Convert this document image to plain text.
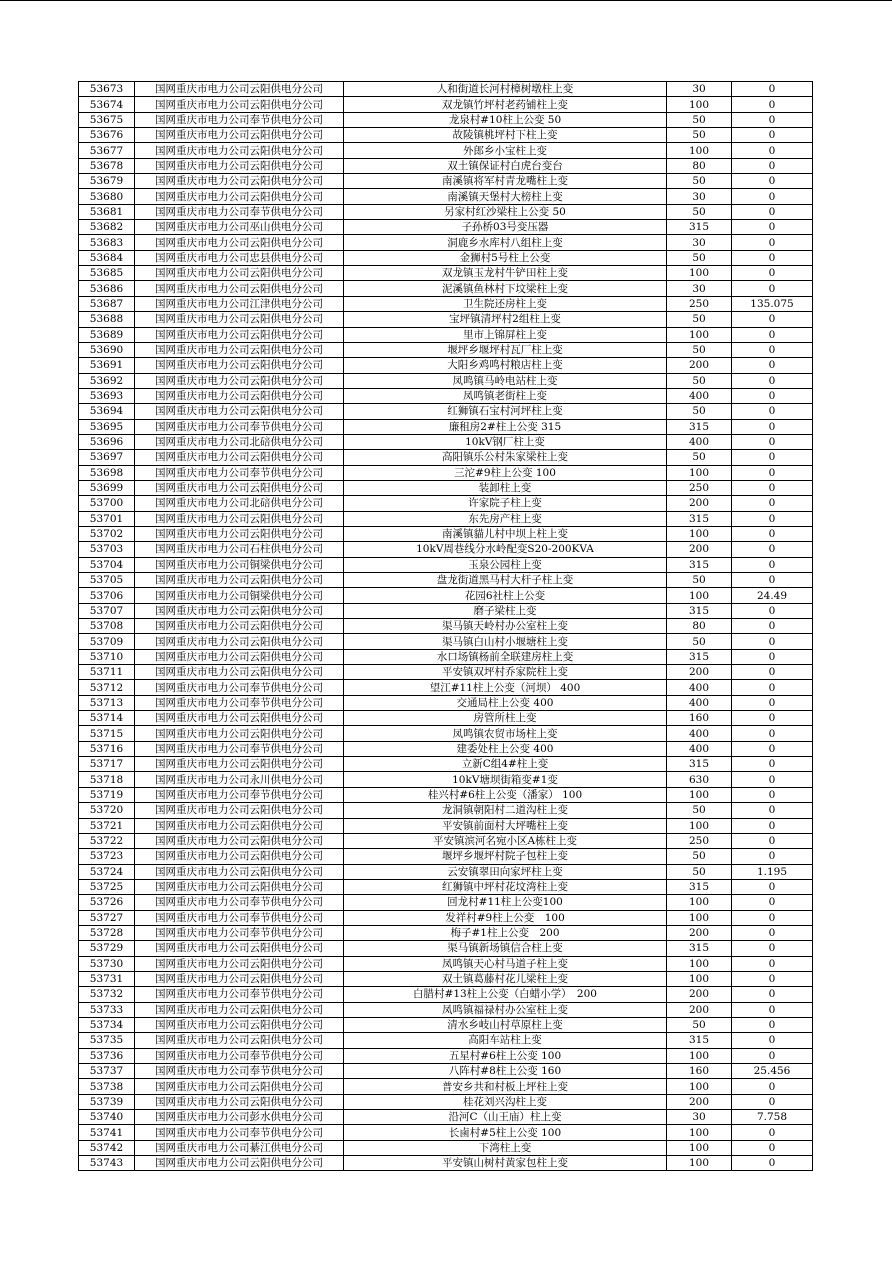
53673	国网重庆市电力公司云阳供电分公司	人和街道长河村樟树墩柱上变	30	0
53674	国网重庆市电力公司云阳供电分公司	双龙镇竹坪村老药铺柱上变	100	0
53675	国网重庆市电力公司奉节供电分公司	龙泉村#10柱上公变 50	50	0
53676	国网重庆市电力公司云阳供电分公司	故陵镇桃坪村下柱上变	50	0
53677	国网重庆市电力公司云阳供电分公司	外郎乡小宝柱上变	100	0
53678	国网重庆市电力公司云阳供电分公司	双土镇保证村白虎台变台	80	0
53679	国网重庆市电力公司云阳供电分公司	南溪镇将军村青龙嘴柱上变	50	0
53680	国网重庆市电力公司云阳供电分公司	南溪镇天堡村大榜柱上变	30	0
53681	国网重庆市电力公司奉节供电分公司	另家村红沙梁柱上公变 50	50	0
53682	国网重庆市电力公司巫山供电分公司	子孙桥03号变压器	315	0
53683	国网重庆市电力公司云阳供电分公司	洞鹿乡水库村八组柱上变	30	0
53684	国网重庆市电力公司忠县供电分公司	金狮村5号柱上公变	50	0
53685	国网重庆市电力公司云阳供电分公司	双龙镇玉龙村牛铲田柱上变	100	0
53686	国网重庆市电力公司云阳供电分公司	泥溪镇鱼林村下坟梁柱上变	30	0
53687	国网重庆市电力公司江津供电分公司	卫生院还房柱上变	250	135.075
53688	国网重庆市电力公司云阳供电分公司	宝坪镇清坪村2组柱上变	50	0
53689	国网重庆市电力公司云阳供电分公司	里市上锦屏柱上变	100	0
53690	国网重庆市电力公司云阳供电分公司	堰坪乡堰坪村瓦厂柱上变	50	0
53691	国网重庆市电力公司云阳供电分公司	大阳乡鸡鸣村粮店柱上变	200	0
53692	国网重庆市电力公司云阳供电分公司	凤鸣镇马岭电站柱上变	50	0
53693	国网重庆市电力公司云阳供电分公司	凤鸣镇老街柱上变	400	0
53694	国网重庆市电力公司云阳供电分公司	红狮镇石宝村河坪柱上变	50	0
53695	国网重庆市电力公司奉节供电分公司	廉租房2#柱上公变 315	315	0
53696	国网重庆市电力公司北碚供电分公司	10kV钢厂柱上变	400	0
53697	国网重庆市电力公司云阳供电分公司	高阳镇乐公村朱家梁柱上变	50	0
53698	国网重庆市电力公司奉节供电分公司	三沱#9柱上公变 100	100	0
53699	国网重庆市电力公司云阳供电分公司	装卸柱上变	250	0
53700	国网重庆市电力公司北碚供电分公司	许家院子柱上变	200	0
53701	国网重庆市电力公司云阳供电分公司	东先房产柱上变	315	0
53702	国网重庆市电力公司云阳供电分公司	南溪镇貓儿村中坝上柱上变	100	0
53703	国网重庆市电力公司石柱供电分公司	10kV周巷线分水岭配变S20-200KVA	200	0
53704	国网重庆市电力公司铜梁供电分公司	玉泉公园柱上变	315	0
53705	国网重庆市电力公司云阳供电分公司	盘龙街道黑马村大杆子柱上变	50	0
53706	国网重庆市电力公司铜梁供电分公司	花园6社柱上公变	100	24.49
53707	国网重庆市电力公司云阳供电分公司	磨子梁柱上变	315	0
53708	国网重庆市电力公司云阳供电分公司	渠马镇天岭村办公室柱上变	80	0
53709	国网重庆市电力公司云阳供电分公司	渠马镇白山村小堰塘柱上变	50	0
53710	国网重庆市电力公司云阳供电分公司	水口场镇杨前全联建房柱上变	315	0
53711	国网重庆市电力公司云阳供电分公司	平安镇双坪村乔家院柱上变	200	0
53712	国网重庆市电力公司奉节供电分公司	望江#11柱上公变（河坝） 400	400	0
53713	国网重庆市电力公司奉节供电分公司	交通局柱上公变 400	400	0
53714	国网重庆市电力公司云阳供电分公司	房管所柱上变	160	0
53715	国网重庆市电力公司云阳供电分公司	凤鸣镇农贸市场柱上变	400	0
53716	国网重庆市电力公司奉节供电分公司	建委处柱上公变 400	400	0
53717	国网重庆市电力公司云阳供电分公司	立新C组4#柱上变	315	0
53718	国网重庆市电力公司永川供电分公司	10kV塘坝街箱变#1变	630	0
53719	国网重庆市电力公司奉节供电分公司	桂兴村#6柱上公变（潘家） 100	100	0
53720	国网重庆市电力公司云阳供电分公司	龙洞镇朝阳村二道沟柱上变	50	0
53721	国网重庆市电力公司云阳供电分公司	平安镇前面村大坪嘴柱上变	100	0
53722	国网重庆市电力公司云阳供电分公司	平安镇滨河名宛小区A栋柱上变	250	0
53723	国网重庆市电力公司云阳供电分公司	堰坪乡堰坪村院子包柱上变	50	0
53724	国网重庆市电力公司云阳供电分公司	云安镇翠田向家坪柱上变	50	1.195
53725	国网重庆市电力公司云阳供电分公司	红狮镇中坪村花坟湾柱上变	315	0
53726	国网重庆市电力公司奉节供电分公司	回龙村#11柱上公变100	100	0
53727	国网重庆市电力公司奉节供电分公司	发祥村#9柱上公变　100	100	0
53728	国网重庆市电力公司奉节供电分公司	梅子#1柱上公变　200	200	0
53729	国网重庆市电力公司云阳供电分公司	渠马镇新场镇信合柱上变	315	0
53730	国网重庆市电力公司云阳供电分公司	凤鸣镇天心村马道子柱上变	100	0
53731	国网重庆市电力公司云阳供电分公司	双土镇葛藤村花儿梁柱上变	100	0
53732	国网重庆市电力公司奉节供电分公司	白腊村#13柱上公变（白蜡小学）　200	200	0
53733	国网重庆市电力公司云阳供电分公司	凤鸣镇福禄村办公室柱上变	200	0
53734	国网重庆市电力公司云阳供电分公司	清水乡岐山村草原柱上变	50	0
53735	国网重庆市电力公司云阳供电分公司	高阳车站柱上变	315	0
53736	国网重庆市电力公司奉节供电分公司	五星村#6柱上公变 100	100	0
53737	国网重庆市电力公司奉节供电分公司	八阵村#8柱上公变 160	160	25.456
53738	国网重庆市电力公司云阳供电分公司	普安乡共和村板上坪柱上变	100	0
53739	国网重庆市电力公司云阳供电分公司	桂花刘兴沟柱上变	200	0
53740	国网重庆市电力公司彭水供电分公司	沿河C（山王庙）柱上变	30	7.758
53741	国网重庆市电力公司奉节供电分公司	长鹵村#5柱上公变 100	100	0
53742	国网重庆市电力公司綦江供电分公司	下湾柱上变	100	0
53743	国网重庆市电力公司云阳供电分公司	平安镇山树村黄家包柱上变	100	0
